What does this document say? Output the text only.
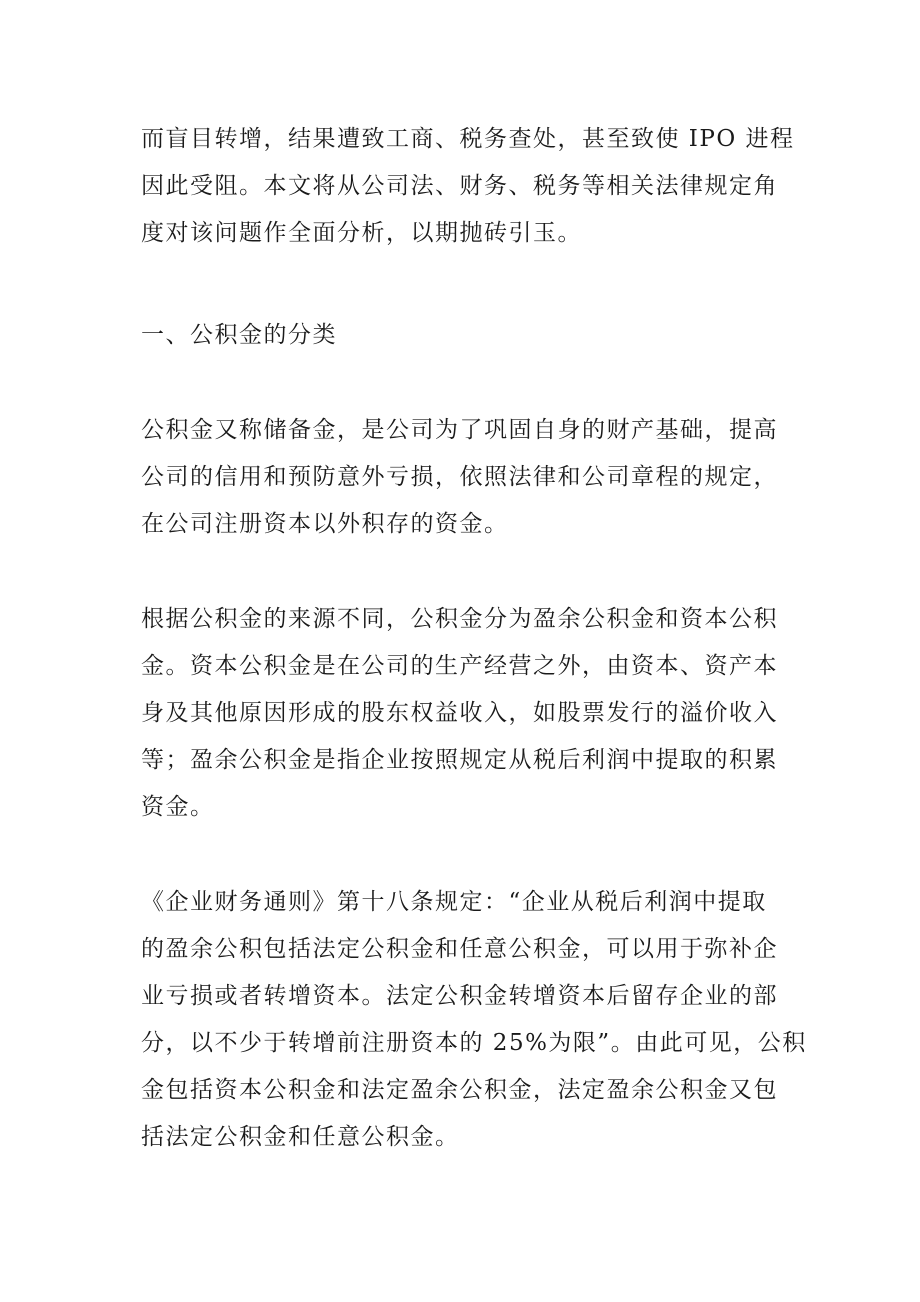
而盲目转增，结果遭致工商、税务查处，甚至致使 IPO 进程
因此受阻。本文将从公司法、财务、税务等相关法律规定角
度对该问题作全面分析，以期抛砖引玉。

一、公积金的分类

公积金又称储备金，是公司为了巩固自身的财产基础，提高
公司的信用和预防意外亏损，依照法律和公司章程的规定，
在公司注册资本以外积存的资金。

根据公积金的来源不同，公积金分为盈余公积金和资本公积
金。资本公积金是在公司的生产经营之外，由资本、资产本
身及其他原因形成的股东权益收入，如股票发行的溢价收入
等；盈余公积金是指企业按照规定从税后利润中提取的积累
资金。

《企业财务通则》第十八条规定：“企业从税后利润中提取
的盈余公积包括法定公积金和任意公积金，可以用于弥补企
业亏损或者转增资本。法定公积金转增资本后留存企业的部
分，以不少于转增前注册资本的 25%为限”。由此可见，公积
金包括资本公积金和法定盈余公积金，法定盈余公积金又包
括法定公积金和任意公积金。
